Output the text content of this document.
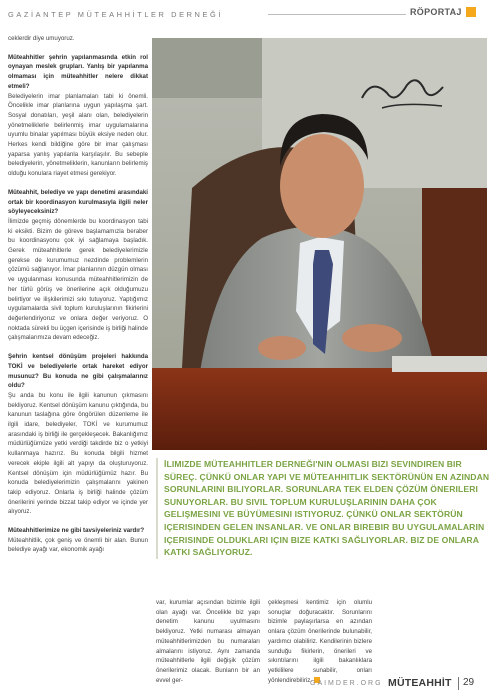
GAZİANTEP MÜTEAHHİTLER DERNEĞİ	RÖPORTAJ

ceklerdir diye umuyoruz.

Müteahhitler şehrin yapılanmasında etkin rol oynayan meslek grupları. Yanlış bir yapılanma olmaması için müteahhitler nelere dikkat etmeli?

Belediyelerin imar planlamaları tabi ki önemli. Öncelikle imar planlarına uygun yapılaşma şart. Sosyal donatıları, yeşil alanı olan, belediyelerin yönetmeliklerle belirlenmiş imar uygulamalarına uyumlu binalar yapılması büyük eksiye neden olur. Herkes kendi bildiğine göre bir imar çalışması yaparsa yanlış yapılanla karşılaşılır. Bu sebeple belediyelerin, yönetmeliklerin, kanunların belirlemiş olduğu konulara riayet etmesi gerekiyor.

Müteahhit, belediye ve yapı denetimi arasındaki ortak bir koordinasyon kurulmasıyla ilgili neler söyleyeceksiniz?

İlimizde geçmiş dönemlerde bu koordinasyon tabi ki eksikti. Bizim de göreve başlamamızla beraber bu koordinasyonu çok iyi sağlamaya başladık. Gerek müteahhitlerle gerek belediyelerimizle gerekse de kurumumuz nezdinde problemlerin çözümü sağlanıyor. İmar planlarının düzgün olması ve uygulanması konusunda müteahhitlerimizin de her türlü görüş ve önerilerine açık olduğumuzu belirtiyor ve ilişkilerimizi sıkı tutuyoruz. Yaptığımız uygulamalarda sivil toplum kuruluşlarının fikirlerini değerlendiriyoruz ve onlara değer veriyoruz. O noktada sürekli bu üçgen içerisinde iş birliği halinde çalışmalarımıza devam edeceğiz.

Şehrin kentsel dönüşüm projeleri hakkında TOKİ ve belediyelerle ortak hareket ediyor musunuz? Bu konuda ne gibi çalışmalarınız oldu?

Şu anda bu konu ile ilgili kanunun çıkmasını bekliyoruz. Kentsel dönüşüm kanunu çıktığında, bu kanunun taslağına göre öngörülen düzenleme ile ilgili idare, belediyeler, TOKİ ve kurumumuz arasındaki iş birliği ile gerçekleşecek. Bakanlığımız müdürlüğümüze yetki verdiği takdirde biz o yetkiyi kullanmaya hazırız. Bu konuda bilgili hizmet verecek ekiple ilgili alt yapıyı da oluşturuyoruz. Kentsel dönüşüm için müdürlüğümüz hazır. Bu konuda belediyelerimizin çalışmalarını yakinen takip ediyoruz. Onlarla iş birliği halinde çözüm önerilerini yerinde bizzat takip ediyor ve içinde yer alıyoruz.

Müteahhitlerimize ne gibi tavsiyeleriniz vardır?

Müteahhitlik, çok geniş ve önemli bir alan. Bunun belediye ayağı var, ekonomik ayağı

İLIMIZDE MÜTEAHHITLER DERNEĞI'NIN OLMASI BIZI SEVINDIREN BIR SÜREÇ. ÇÜNKÜ ONLAR YAPI VE MÜTEAHHITLIK SEKTÖRÜNÜN EN AZINDAN SORUNLARINI BILIYORLAR. SORUNLARA TEK ELDEN ÇÖZÜM ÖNERILERI SUNUYORLAR. BU SIVIL TOPLUM KURULUŞLARININ DAHA ÇOK GELIŞMESINI VE BÜYÜMESINI ISTIYORUZ. ÇÜNKÜ ONLAR SEKTÖRÜN IÇERISINDEN GELEN INSANLAR. VE ONLAR BIREBIR BU UYGULAMALARIN IÇERISINDE OLDUKLARI IÇIN BIZE KATKI SAĞLIYORLAR. BIZ DE ONLARA KATKI SAĞLIYORUZ.

var, kurumlar açısından bizimle ilgili olan ayağı var. Öncelikle biz yapı denetim kanunu uyulmasını bekliyoruz. Yetki numarası almayan müteahhitlerimizden bu numaraları almalarını istiyoruz. Aynı zamanda müteahhitlerle ilgili değişik çözüm önerilerimiz olacak. Bunların bir an evvel ger-

çekleşmesi kentimiz için olumlu sonuçlar doğuracaktır. Sorunlarını bizimle paylaşırlarsa en azından onlara çözüm önerilerinde bulunabilir, yardımcı olabiliriz. Kendilerinin bizlere sunduğu fikirlerin, önerileri ve sıkıntılarını ilgili bakanlıklara yetkililere sunabilir, onları yönlendirebiliriz.

GAIMDER.ORG MÜTEAHHİT 29
